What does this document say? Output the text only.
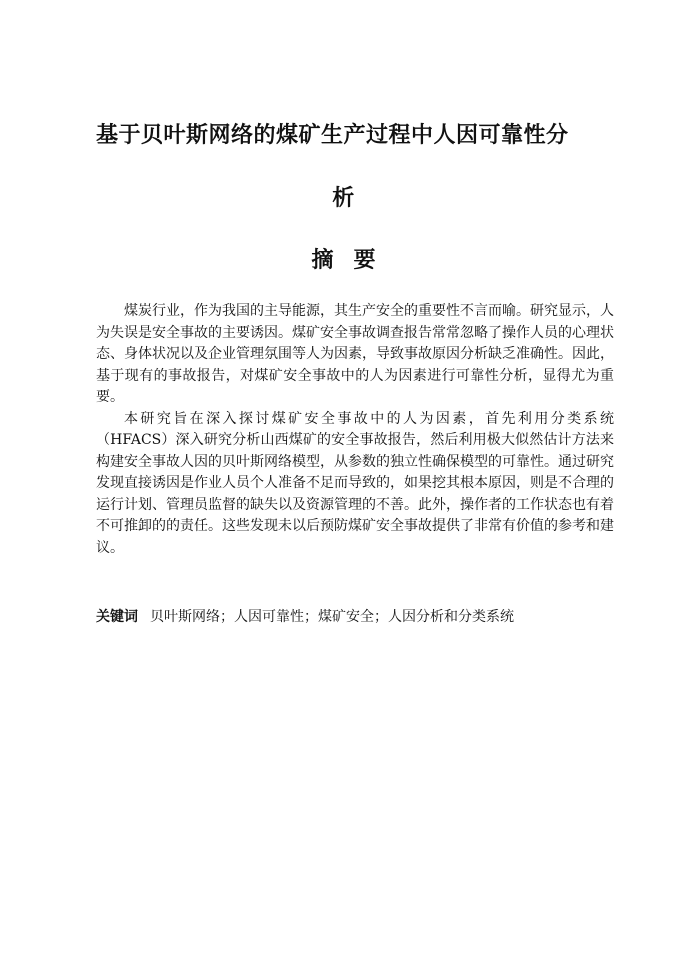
基于贝叶斯网络的煤矿生产过程中人因可靠性分
析
摘要

煤炭行业，作为我国的主导能源，其生产安全的重要性不言而喻。研究显示，人为失误是安全事故的主要诱因。煤矿安全事故调查报告常常忽略了操作人员的心理状态、身体状况以及企业管理氛围等人为因素，导致事故原因分析缺乏准确性。因此，基于现有的事故报告，对煤矿安全事故中的人为因素进行可靠性分析，显得尤为重要。

本研究旨在深入探讨煤矿安全事故中的人为因素，首先利用分类系统（HFACS）深入研究分析山西煤矿的安全事故报告，然后利用极大似然估计方法来构建安全事故人因的贝叶斯网络模型，从参数的独立性确保模型的可靠性。通过研究发现直接诱因是作业人员个人准备不足而导致的，如果挖其根本原因，则是不合理的运行计划、管理员监督的缺失以及资源管理的不善。此外，操作者的工作状态也有着不可推卸的的责任。这些发现未以后预防煤矿安全事故提供了非常有价值的参考和建议。

关键词 贝叶斯网络；人因可靠性；煤矿安全；人因分析和分类系统
